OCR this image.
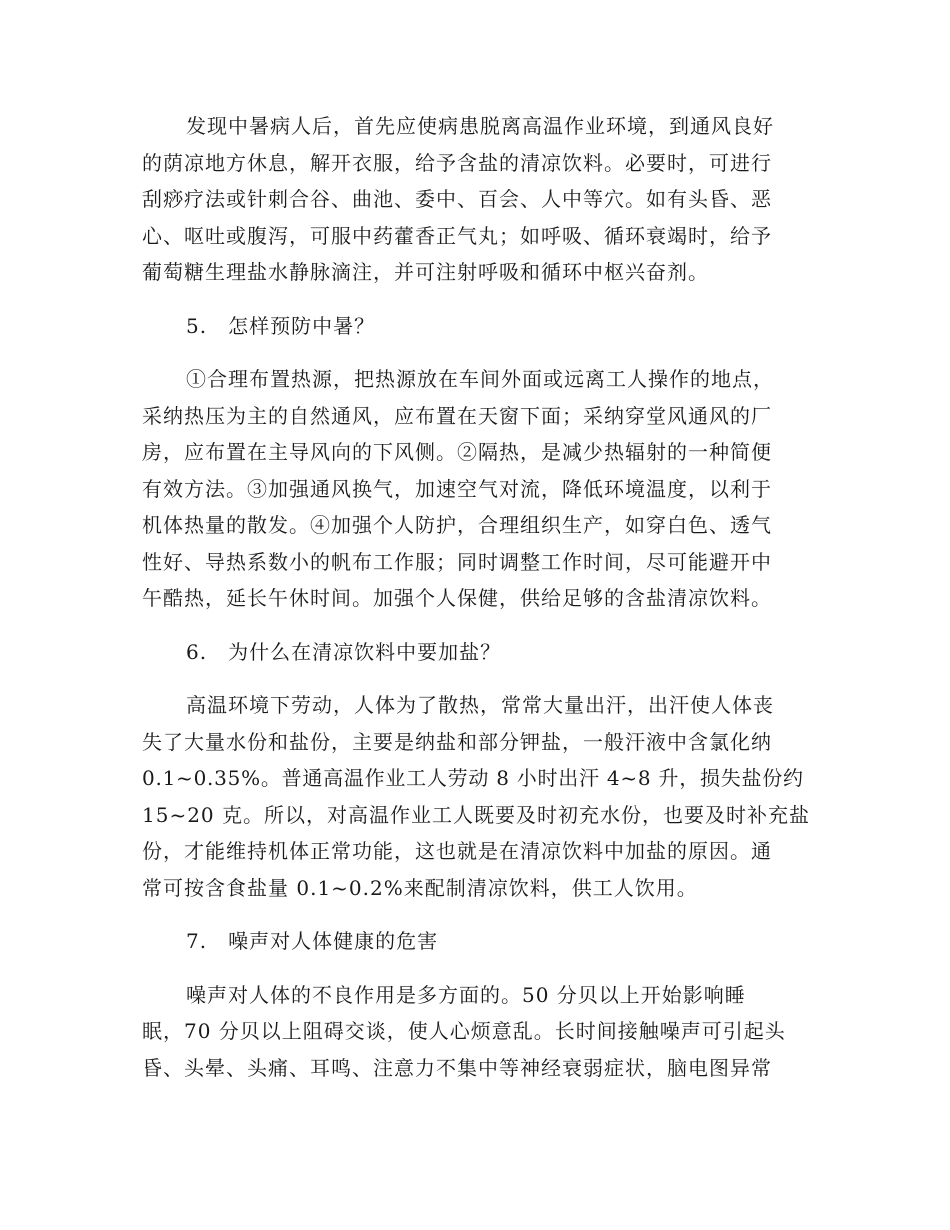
发现中暑病人后，首先应使病患脱离高温作业环境，到通风良好
的荫凉地方休息，解开衣服，给予含盐的清凉饮料。必要时，可进行
刮痧疗法或针刺合谷、曲池、委中、百会、人中等穴。如有头昏、恶
心、呕吐或腹泻，可服中药藿香正气丸；如呼吸、循环衰竭时，给予
葡萄糖生理盐水静脉滴注，并可注射呼吸和循环中枢兴奋剂。

5.　怎样预防中暑？

①合理布置热源，把热源放在车间外面或远离工人操作的地点，
采纳热压为主的自然通风，应布置在天窗下面；采纳穿堂风通风的厂
房，应布置在主导风向的下风侧。②隔热，是减少热辐射的一种简便
有效方法。③加强通风换气，加速空气对流，降低环境温度，以利于
机体热量的散发。④加强个人防护，合理组织生产，如穿白色、透气
性好、导热系数小的帆布工作服；同时调整工作时间，尽可能避开中
午酷热，延长午休时间。加强个人保健，供给足够的含盐清凉饮料。

6.　为什么在清凉饮料中要加盐？

高温环境下劳动，人体为了散热，常常大量出汗，出汗使人体丧
失了大量水份和盐份，主要是纳盐和部分钾盐，一般汗液中含氯化纳
0.1~0.35%。普通高温作业工人劳动 8 小时出汗 4~8 升，损失盐份约
15~20 克。所以，对高温作业工人既要及时初充水份，也要及时补充盐
份，才能维持机体正常功能，这也就是在清凉饮料中加盐的原因。通
常可按含食盐量 0.1~0.2%来配制清凉饮料，供工人饮用。

7.　噪声对人体健康的危害

噪声对人体的不良作用是多方面的。50 分贝以上开始影响睡
眠，70 分贝以上阻碍交谈，使人心烦意乱。长时间接触噪声可引起头
昏、头晕、头痛、耳鸣、注意力不集中等神经衰弱症状，脑电图异常
